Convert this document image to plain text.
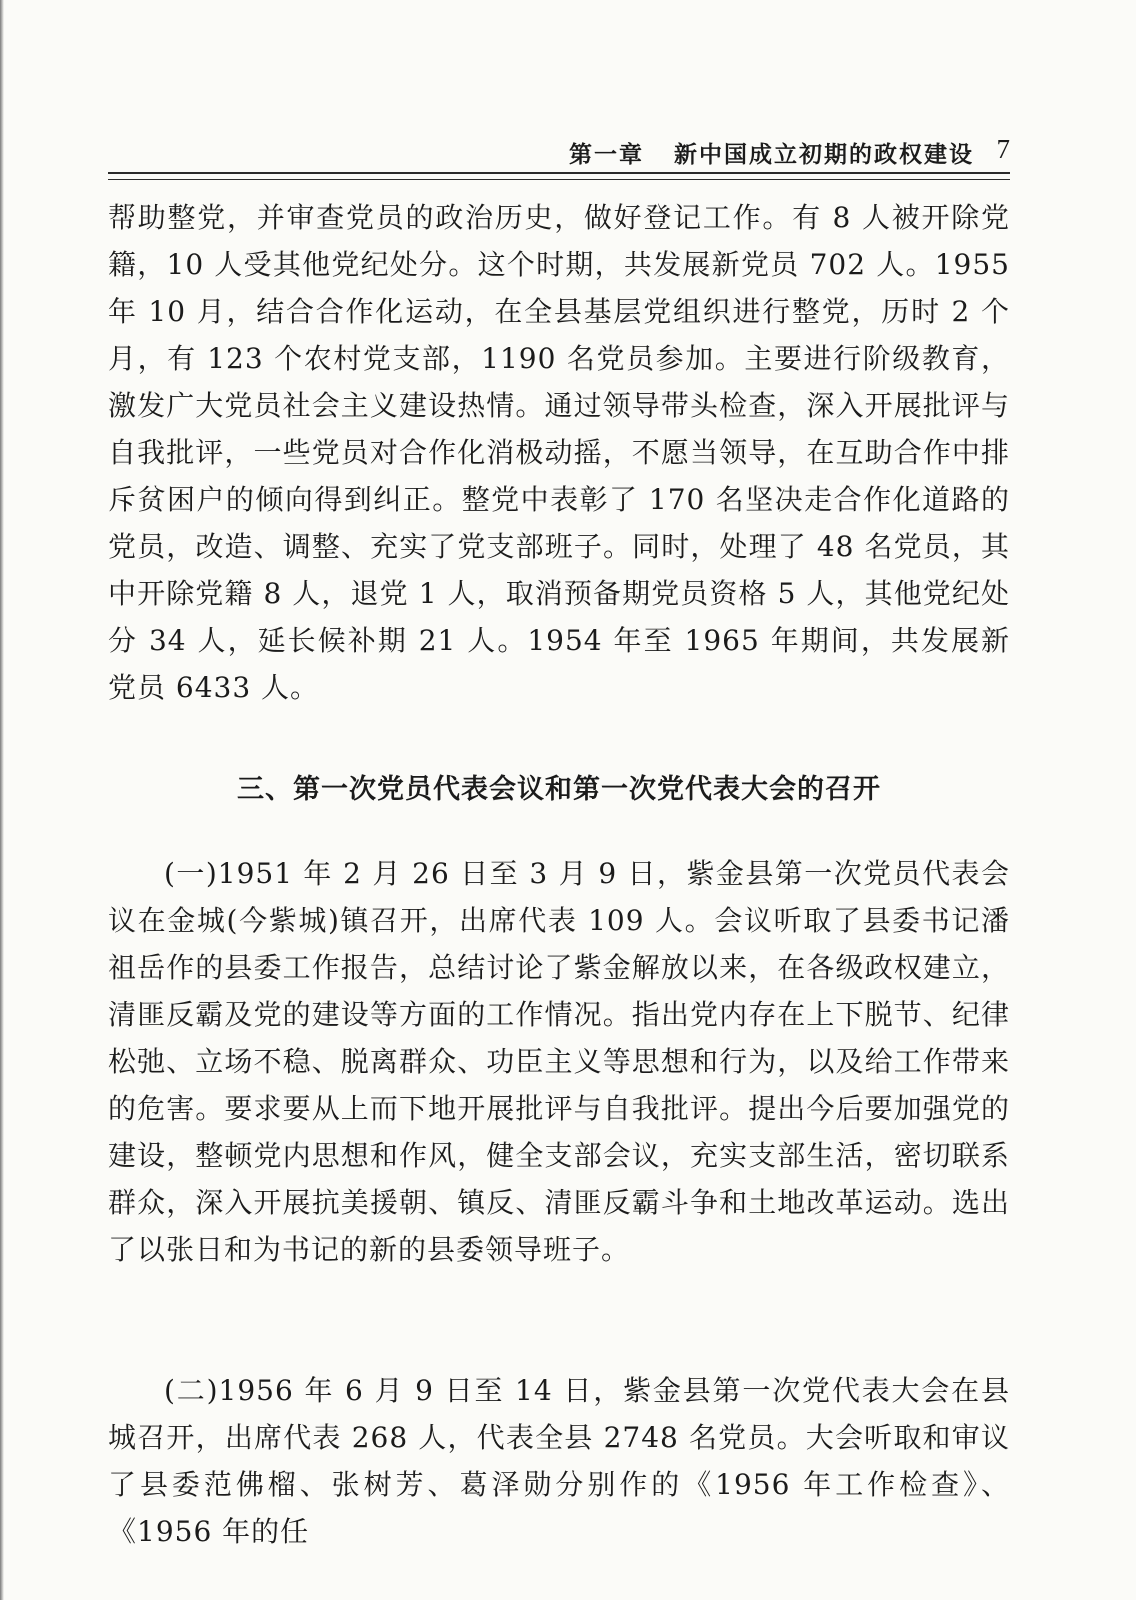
第一章   新中国成立初期的政权建设 7
帮助整党，并审查党员的政治历史，做好登记工作。有 8 人被开除党籍，10 人受其他党纪处分。这个时期，共发展新党员 702 人。1955 年 10 月，结合合作化运动，在全县基层党组织进行整党，历时 2 个月，有 123 个农村党支部，1190 名党员参加。主要进行阶级教育，激发广大党员社会主义建设热情。通过领导带头检查，深入开展批评与自我批评，一些党员对合作化消极动摇，不愿当领导，在互助合作中排斥贫困户的倾向得到纠正。整党中表彰了 170 名坚决走合作化道路的党员，改造、调整、充实了党支部班子。同时，处理了 48 名党员，其中开除党籍 8 人，退党 1 人，取消预备期党员资格 5 人，其他党纪处分 34 人，延长候补期 21 人。1954 年至 1965 年期间，共发展新党员 6433 人。
三、第一次党员代表会议和第一次党代表大会的召开
(一)1951 年 2 月 26 日至 3 月 9 日，紫金县第一次党员代表会议在金城(今紫城)镇召开，出席代表 109 人。会议听取了县委书记潘祖岳作的县委工作报告，总结讨论了紫金解放以来，在各级政权建立，清匪反霸及党的建设等方面的工作情况。指出党内存在上下脱节、纪律松弛、立场不稳、脱离群众、功臣主义等思想和行为，以及给工作带来的危害。要求要从上而下地开展批评与自我批评。提出今后要加强党的建设，整顿党内思想和作风，健全支部会议，充实支部生活，密切联系群众，深入开展抗美援朝、镇反、清匪反霸斗争和土地改革运动。选出了以张日和为书记的新的县委领导班子。
(二)1956 年 6 月 9 日至 14 日，紫金县第一次党代表大会在县城召开，出席代表 268 人，代表全县 2748 名党员。大会听取和审议了县委范佛榴、张树芳、葛泽勋分别作的《1956 年工作检查》、《1956 年的任
